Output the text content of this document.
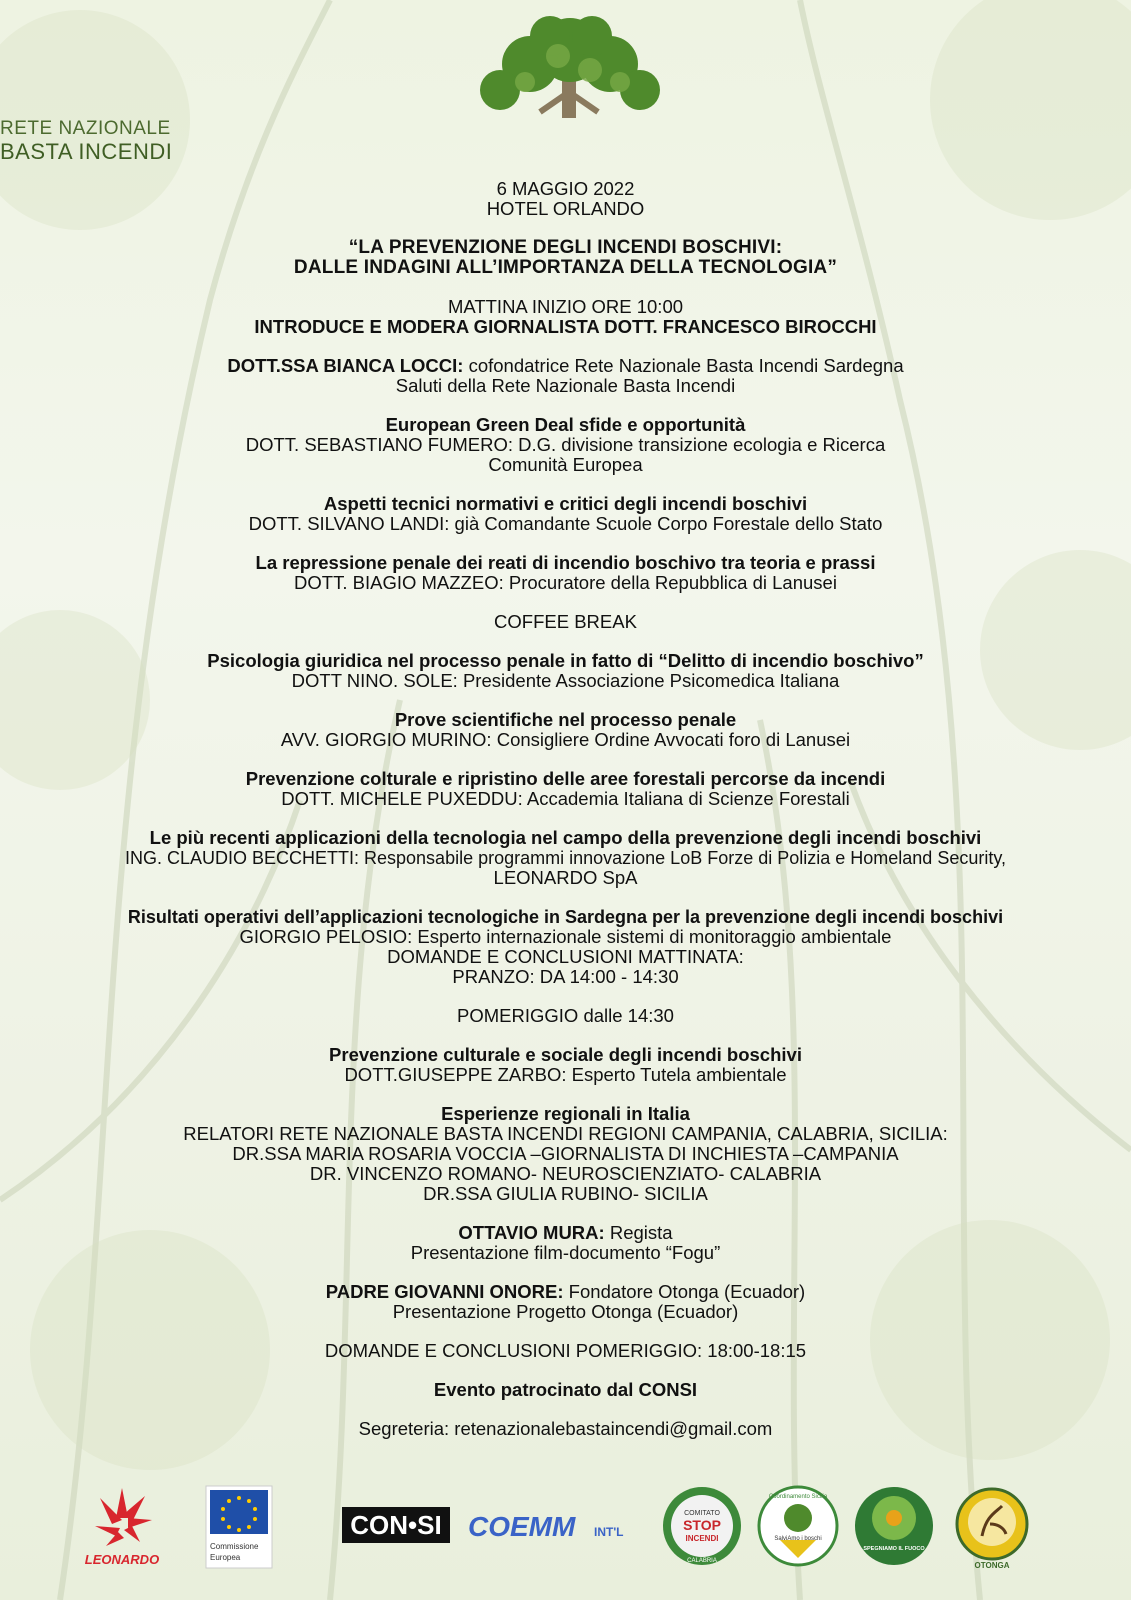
RETE NAZIONALE
BASTA INCENDI
6 MAGGIO 2022
HOTEL ORLANDO
“LA PREVENZIONE DEGLI INCENDI BOSCHIVI:
DALLE INDAGINI ALL’IMPORTANZA DELLA TECNOLOGIA”
MATTINA INIZIO ORE 10:00
INTRODUCE E MODERA GIORNALISTA DOTT. FRANCESCO BIROCCHI
DOTT.SSA BIANCA LOCCI: cofondatrice Rete Nazionale Basta Incendi Sardegna
Saluti della Rete Nazionale Basta Incendi
European Green Deal sfide e opportunità
DOTT. SEBASTIANO FUMERO: D.G. divisione transizione ecologia e Ricerca
Comunità Europea
Aspetti tecnici normativi e critici degli incendi boschivi
DOTT. SILVANO LANDI: già Comandante Scuole Corpo Forestale dello Stato
La repressione penale dei reati di incendio boschivo tra teoria e prassi
DOTT. BIAGIO MAZZEO: Procuratore della Repubblica di Lanusei
COFFEE BREAK
Psicologia giuridica nel processo penale in fatto di “Delitto di incendio boschivo”
DOTT NINO. SOLE: Presidente Associazione Psicomedica Italiana
Prove scientifiche nel processo penale
AVV. GIORGIO MURINO: Consigliere Ordine Avvocati foro di Lanusei
Prevenzione colturale e ripristino delle aree forestali percorse da incendi
DOTT. MICHELE PUXEDDU: Accademia Italiana di Scienze Forestali
Le più recenti applicazioni della tecnologia nel campo della prevenzione degli incendi boschivi
ING. CLAUDIO BECCHETTI: Responsabile programmi innovazione LoB Forze di Polizia e Homeland Security,
LEONARDO SpA
Risultati operativi dell’applicazioni tecnologiche in Sardegna per la prevenzione degli incendi boschivi
GIORGIO PELOSIO: Esperto internazionale sistemi di monitoraggio ambientale
DOMANDE E CONCLUSIONI MATTINATA:
PRANZO: DA 14:00 - 14:30
POMERIGGIO dalle 14:30
Prevenzione culturale e sociale degli incendi boschivi
DOTT.GIUSEPPE ZARBO: Esperto Tutela ambientale
Esperienze regionali in Italia
RELATORI RETE NAZIONALE BASTA INCENDI REGIONI CAMPANIA, CALABRIA, SICILIA:
DR.SSA MARIA ROSARIA VOCCIA –GIORNALISTA DI INCHIESTA –CAMPANIA
DR. VINCENZO ROMANO- NEUROSCIENZIATO- CALABRIA
DR.SSA GIULIA RUBINO- SICILIA
OTTAVIO MURA: Regista
Presentazione film-documento “Fogu”
PADRE GIOVANNI ONORE: Fondatore Otonga (Ecuador)
Presentazione Progetto Otonga (Ecuador)
DOMANDE E CONCLUSIONI POMERIGGIO: 18:00-18:15
Evento patrocinato dal CONSI
Segreteria: retenazionalebastaincendi@gmail.com
LEONARDO
Commissione
Europea
CON•SI COEMM INT'L
COMITATO
STOP
INCENDI
CALABRIA
Coordinamento Sicilia
SalviAmo i boschi
SPEGNIAMO IL FUOCO
OTONGA
